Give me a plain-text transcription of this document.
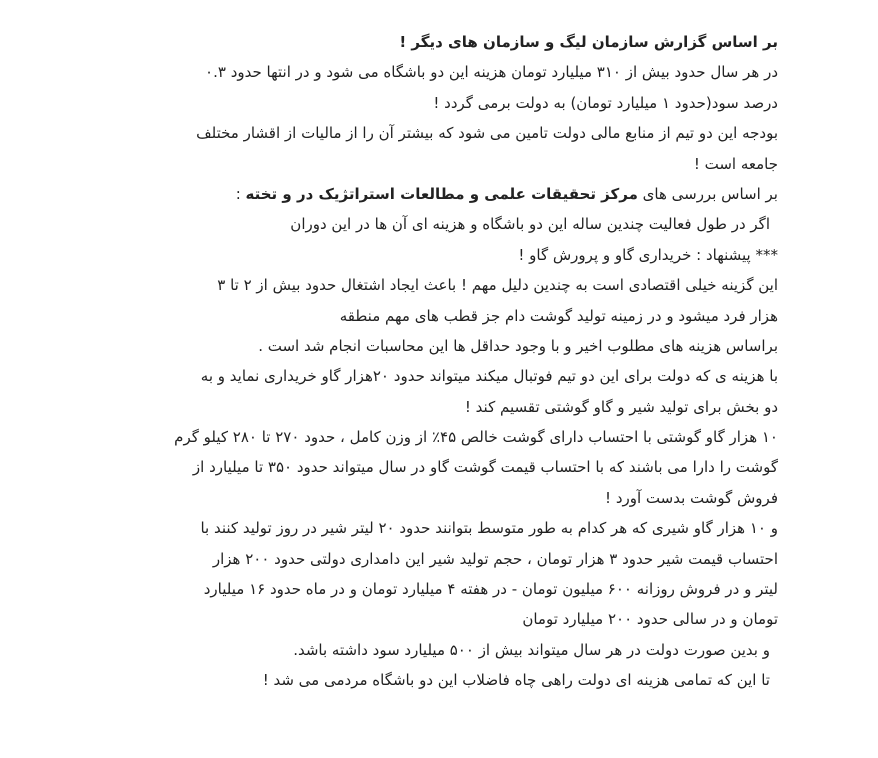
بر اساس گزارش سازمان لیگ و سازمان های دیگر !
در هر سال حدود بیش از ۳۱۰ میلیارد تومان هزینه این دو باشگاه می شود و در انتها حدود ۰.۳
درصد سود(حدود ۱ میلیارد تومان) به دولت برمی گردد !
بودجه این دو تیم از منابع مالی دولت تامین می شود که بیشتر آن را از مالیات از اقشار مختلف
جامعه است !
بر اساس بررسی های مرکز تحقیقات علمی و مطالعات استراتژیک در و تخته :
اگر در طول فعالیت چندین ساله این دو باشگاه و هزینه ای آن ها در این دوران
*** پیشنهاد : خریداری گاو و پرورش گاو !
این گزینه خیلی اقتصادی است به چندین دلیل مهم ! باعث ایجاد اشتغال حدود بیش از ۲ تا ۳
هزار فرد میشود و در زمینه تولید گوشت دام جز قطب های مهم منطقه
براساس هزینه های مطلوب اخیر و با وجود حداقل ها این محاسبات انجام شد است .
با هزینه ی که دولت برای این دو تیم فوتبال میکند میتواند حدود ۲۰هزار گاو خریداری نماید و به
دو بخش برای تولید شیر و گاو گوشتی تقسیم کند !
۱۰ هزار گاو گوشتی با احتساب دارای گوشت خالص ۴۵٪ از وزن کامل ، حدود ۲۷۰ تا ۲۸۰ کیلو گرم
گوشت را دارا می باشند که با احتساب قیمت گوشت گاو در سال میتواند حدود ۳۵۰ تا میلیارد از
فروش گوشت بدست آورد !
و ۱۰ هزار گاو شیری که هر کدام به طور متوسط بتوانند حدود ۲۰ لیتر شیر در روز تولید کنند با
احتساب قیمت شیر حدود ۳ هزار تومان ، حجم تولید شیر این دامداری دولتی حدود ۲۰۰ هزار
لیتر و در فروش روزانه ۶۰۰ میلیون تومان - در هفته ۴ میلیارد تومان و در ماه حدود ۱۶ میلیارد
تومان و در سالی حدود ۲۰۰ میلیارد تومان
و بدین صورت دولت در هر سال میتواند بیش از ۵۰۰ میلیارد سود داشته باشد.
تا این که تمامی هزینه ای دولت راهی چاه فاضلاب این دو باشگاه مردمی می شد !
